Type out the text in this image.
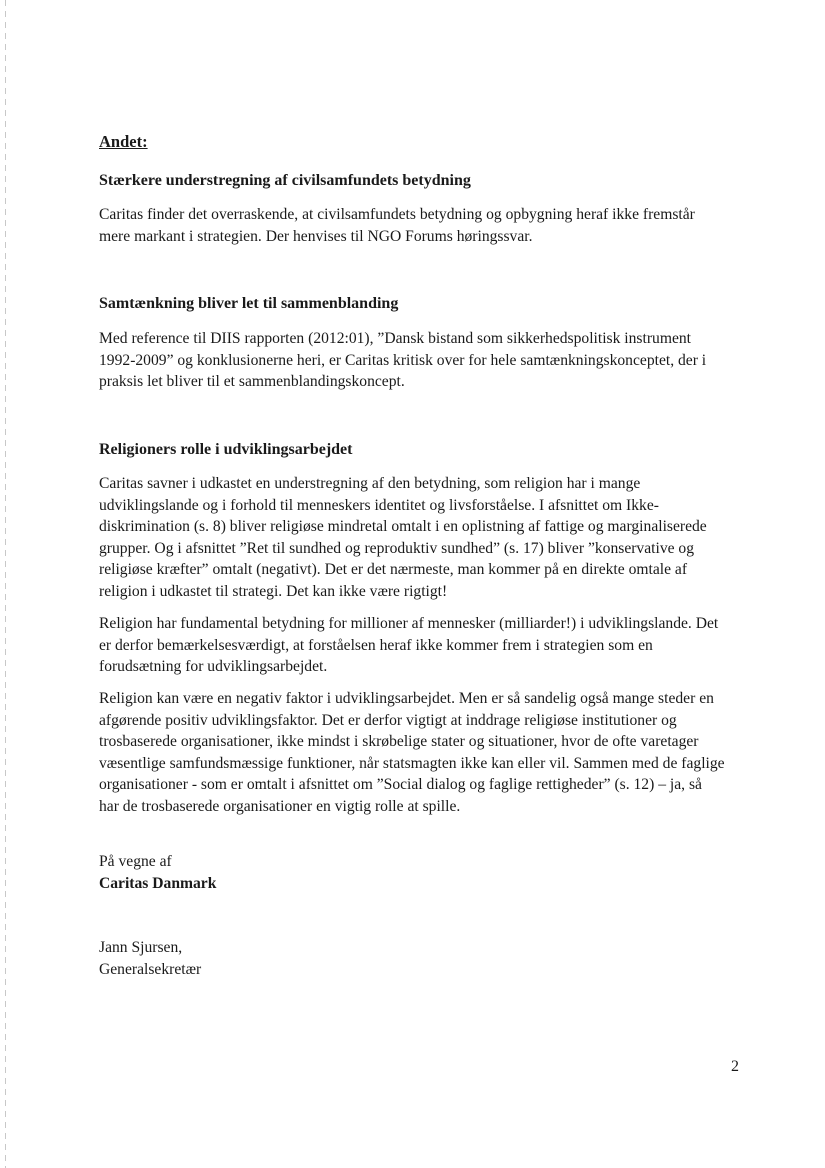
Andet:
Stærkere understregning af civilsamfundets betydning
Caritas finder det overraskende, at civilsamfundets betydning og opbygning heraf ikke fremstår
mere markant i strategien. Der henvises til NGO Forums høringssvar.
Samtænkning bliver let til sammenblanding
Med reference til DIIS rapporten (2012:01), ”Dansk bistand som sikkerhedspolitisk instrument
1992-2009” og konklusionerne heri, er Caritas kritisk over for hele samtænkningskonceptet, der i
praksis let bliver til et sammenblandingskoncept.
Religioners rolle i udviklingsarbejdet
Caritas savner i udkastet en understregning af den betydning, som religion har i mange
udviklingslande og i forhold til menneskers identitet og livsforståelse. I afsnittet om Ikke-
diskrimination (s. 8) bliver religiøse mindretal omtalt i en oplistning af fattige og marginaliserede
grupper. Og i afsnittet ”Ret til sundhed og reproduktiv sundhed” (s. 17) bliver ”konservative og
religiøse kræfter” omtalt (negativt). Det er det nærmeste, man kommer på en direkte omtale af
religion i udkastet til strategi. Det kan ikke være rigtigt!
Religion har fundamental betydning for millioner af mennesker (milliarder!) i udviklingslande. Det
er derfor bemærkelsesværdigt, at forståelsen heraf ikke kommer frem i strategien som en
forudsætning for udviklingsarbejdet.
Religion kan være en negativ faktor i udviklingsarbejdet. Men er så sandelig også mange steder en
afgørende positiv udviklingsfaktor. Det er derfor vigtigt at inddrage religiøse institutioner og
trosbaserede organisationer, ikke mindst i skrøbelige stater og situationer, hvor de ofte varetager
væsentlige samfundsmæssige funktioner, når statsmagten ikke kan eller vil. Sammen med de faglige
organisationer - som er omtalt i afsnittet om ”Social dialog og faglige rettigheder” (s. 12) – ja, så
har de trosbaserede organisationer en vigtig rolle at spille.
På vegne af
Caritas Danmark
Jann Sjursen,
Generalsekretær
2
